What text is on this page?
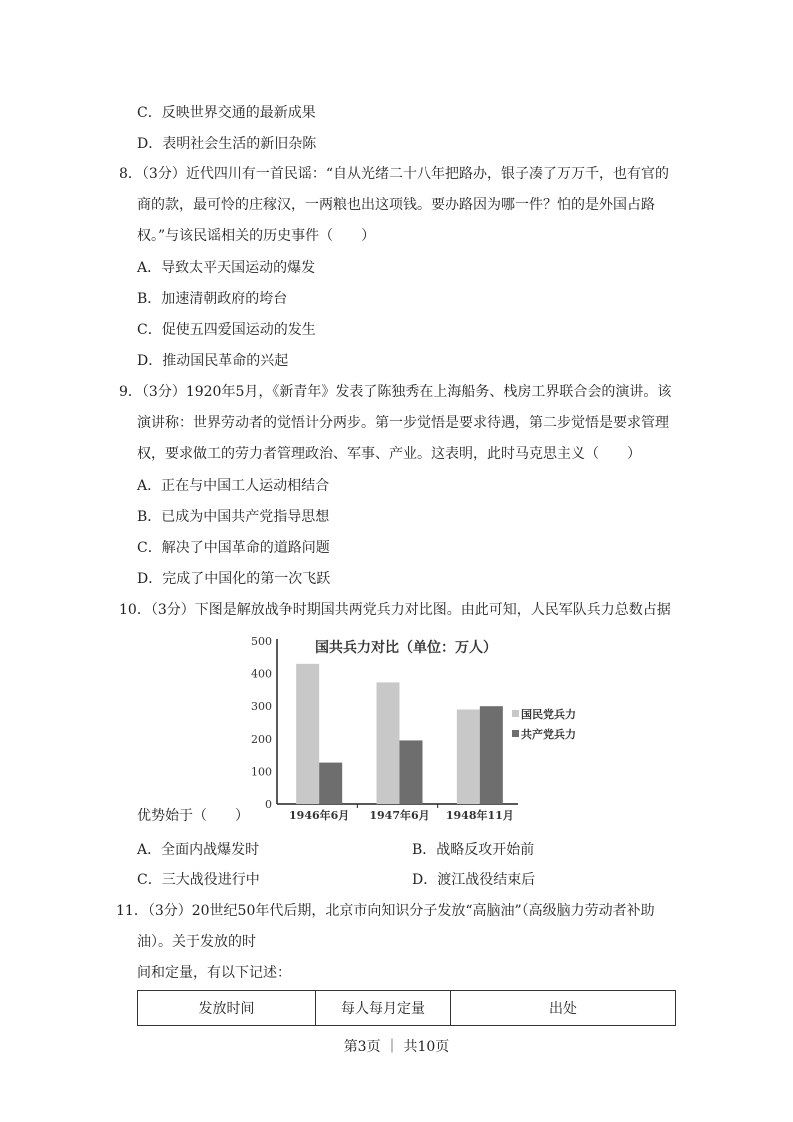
C．反映世界交通的最新成果
D．表明社会生活的新旧杂陈
8．（3分）近代四川有一首民谣：“自从光绪二十八年把路办，银子凑了万万千，也有官的
商的款，最可怜的庄稼汉，一两粮也出这项钱。要办路因为哪一件？怕的是外国占路
权。”与该民谣相关的历史事件（　　）
A．导致太平天国运动的爆发
B．加速清朝政府的垮台
C．促使五四爱国运动的发生
D．推动国民革命的兴起
9．（3分）1920年5月，《新青年》发表了陈独秀在上海船务、栈房工界联合会的演讲。该
演讲称：世界劳动者的觉悟计分两步。第一步觉悟是要求待遇，第二步觉悟是要求管理
权，要求做工的劳力者管理政治、军事、产业。这表明，此时马克思主义（　　）
A．正在与中国工人运动相结合
B．已成为中国共产党指导思想
C．解决了中国革命的道路问题
D．完成了中国化的第一次飞跃
10．（3分）下图是解放战争时期国共两党兵力对比图。由此可知，人民军队兵力总数占据
0
100
200
300
400
500
1946年6月 1947年6月 1948年11月
国民党兵力
共产党兵力
国共兵力对比（单位：万人）
优势始于（　　）
A．全面内战爆发时	B．战略反攻开始前
C．三大战役进行中	D．渡江战役结束后
11．（3分）20世纪50年代后期，北京市向知识分子发放“高脑油”（高级脑力劳动者补助
油）。关于发放的时
间和定量，有以下记述：
发放时间	每人每月定量	出处
第3页 ｜ 共10页
